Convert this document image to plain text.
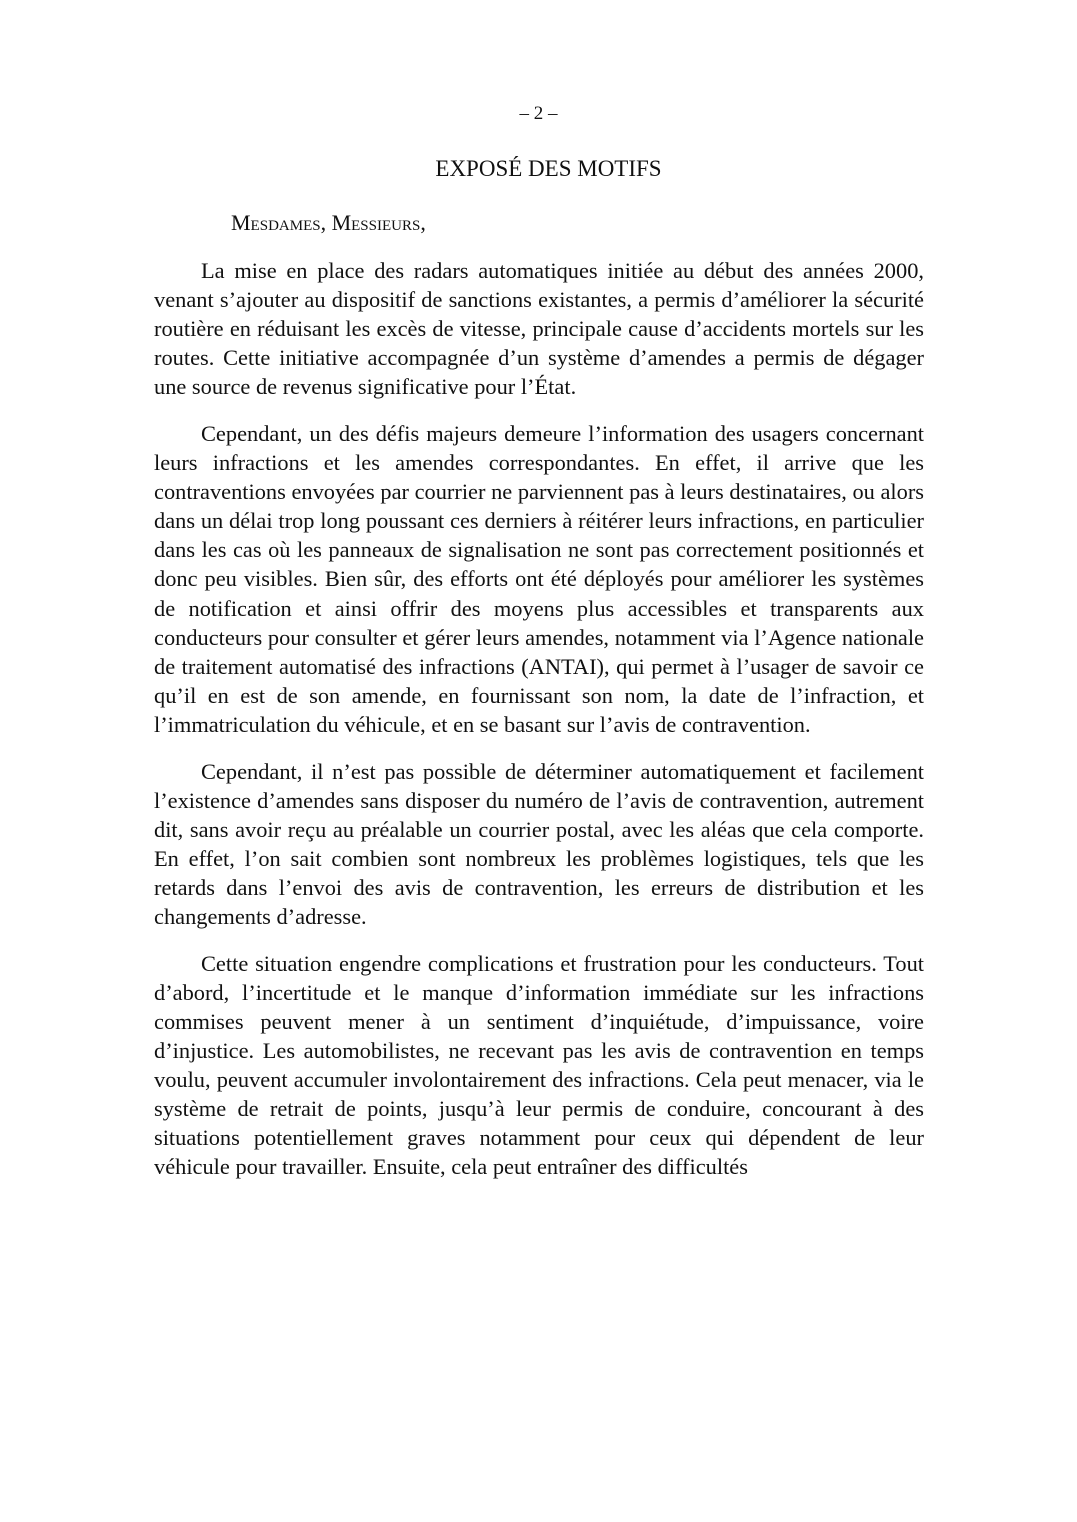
– 2 –
EXPOSÉ DES MOTIFS
Mesdames, Messieurs,

La mise en place des radars automatiques initiée au début des années 2000, venant s’ajouter au dispositif de sanctions existantes, a permis d’améliorer la sécurité routière en réduisant les excès de vitesse, principale cause d’accidents mortels sur les routes. Cette initiative accompagnée d’un système d’amendes a permis de dégager une source de revenus significative pour l’État.

Cependant, un des défis majeurs demeure l’information des usagers concernant leurs infractions et les amendes correspondantes. En effet, il arrive que les contraventions envoyées par courrier ne parviennent pas à leurs destinataires, ou alors dans un délai trop long poussant ces derniers à réitérer leurs infractions, en particulier dans les cas où les panneaux de signalisation ne sont pas correctement positionnés et donc peu visibles. Bien sûr, des efforts ont été déployés pour améliorer les systèmes de notification et ainsi offrir des moyens plus accessibles et transparents aux conducteurs pour consulter et gérer leurs amendes, notamment via l’Agence nationale de traitement automatisé des infractions (ANTAI), qui permet à l’usager de savoir ce qu’il en est de son amende, en fournissant son nom, la date de l’infraction, et l’immatriculation du véhicule, et en se basant sur l’avis de contravention.

Cependant, il n’est pas possible de déterminer automatiquement et facilement l’existence d’amendes sans disposer du numéro de l’avis de contravention, autrement dit, sans avoir reçu au préalable un courrier postal, avec les aléas que cela comporte. En effet, l’on sait combien sont nombreux les problèmes logistiques, tels que les retards dans l’envoi des avis de contravention, les erreurs de distribution et les changements d’adresse.

Cette situation engendre complications et frustration pour les conducteurs. Tout d’abord, l’incertitude et le manque d’information immédiate sur les infractions commises peuvent mener à un sentiment d’inquiétude, d’impuissance, voire d’injustice. Les automobilistes, ne recevant pas les avis de contravention en temps voulu, peuvent accumuler involontairement des infractions. Cela peut menacer, via le système de retrait de points, jusqu’à leur permis de conduire, concourant à des situations potentiellement graves notamment pour ceux qui dépendent de leur véhicule pour travailler. Ensuite, cela peut entraîner des difficultés
